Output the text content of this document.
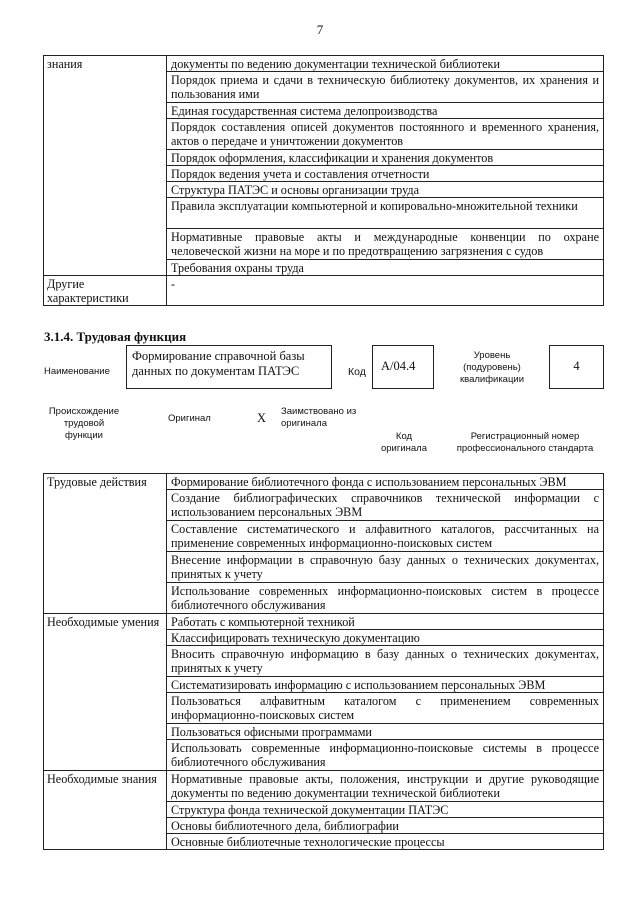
7
знания	документы по ведению документации технической библиотеки
	Порядок приема и сдачи в техническую библиотеку документов, их хранения и пользования ими
	Единая государственная система делопроизводства
	Порядок составления описей документов постоянного и временного хранения, актов о передаче и уничтожении документов
	Порядок оформления, классификации и хранения документов
	Порядок ведения учета и составления отчетности
	Структура ПАТЭС и основы организации труда
	Правила эксплуатации компьютерной и копировально-множительной техники
	Нормативные правовые акты и международные конвенции по охране человеческой жизни на море и по предотвращению загрязнения с судов
	Требования охраны труда
Другие характеристики	-
3.1.4. Трудовая функция
Наименование
Формирование справочной базы данных по документам ПАТЭС	Код	А/04.4
Уровень (подуровень) квалификации
4
Происхождение трудовой функции
Оригинал	X Заимствовано из оригинала
Код оригинала
Регистрационный номер профессионального стандарта
Трудовые действия	Формирование библиотечного фонда с использованием персональных ЭВМ
	Создание библиографических справочников технической информации с использованием персональных ЭВМ
	Составление систематического и алфавитного каталогов, рассчитанных на применение современных информационно-поисковых систем
	Внесение информации в справочную базу данных о технических документах, принятых к учету
	Использование современных информационно-поисковых систем в процессе библиотечного обслуживания
Необходимые умения	Работать с компьютерной техникой
	Классифицировать техническую документацию
	Вносить справочную информацию в базу данных о технических документах, принятых к учету
	Систематизировать информацию с использованием персональных ЭВМ
	Пользоваться алфавитным каталогом с применением современных информационно-поисковых систем
	Пользоваться офисными программами
	Использовать современные информационно-поисковые системы в процессе библиотечного обслуживания
Необходимые знания	Нормативные правовые акты, положения, инструкции и другие руководящие документы по ведению документации технической библиотеки
	Структура фонда технической документации ПАТЭС
	Основы библиотечного дела, библиографии
	Основные библиотечные технологические процессы
